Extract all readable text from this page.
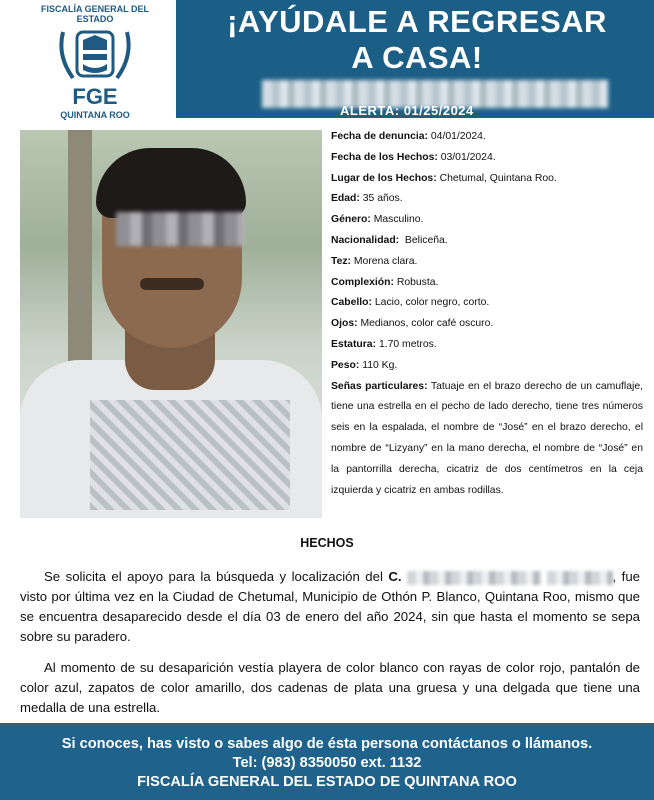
FISCALÍA GENERAL DEL ESTADO
FGE
QUINTANA ROO
¡AYÚDALE A REGRESAR
A CASA!
ALERTA: 01/25/2024
Fecha de denuncia: 04/01/2024.
Fecha de los Hechos: 03/01/2024.
Lugar de los Hechos: Chetumal, Quintana Roo.
Edad: 35 años.
Género: Masculino.
Nacionalidad: Beliceña.
Tez: Morena clara.
Complexión: Robusta.
Cabello: Lacio, color negro, corto.
Ojos: Medianos, color café oscuro.
Estatura: 1.70 metros.
Peso: 110 Kg.
Señas particulares: Tatuaje en el brazo derecho de un camuflaje, tiene una estrella en el pecho de lado derecho, tiene tres números seis en la espalada, el nombre de “José” en el brazo derecho, el nombre de “Lizyany” en la mano derecha, el nombre de “José” en la pantorrilla derecha, cicatriz de dos centímetros en la ceja izquierda y cicatriz en ambas rodillas.
HECHOS
Se solicita el apoyo para la búsqueda y localización del C.	, fue visto por última vez en la Ciudad de Chetumal, Municipio de Othón P. Blanco, Quintana Roo, mismo que se encuentra desaparecido desde el día 03 de enero del año 2024, sin que hasta el momento se sepa sobre su paradero.
Al momento de su desaparición vestía playera de color blanco con rayas de color rojo, pantalón de color azul, zapatos de color amarillo, dos cadenas de plata una gruesa y una delgada que tiene una medalla de una estrella.
Si conoces, has visto o sabes algo de ésta persona contáctanos o llámanos.
Tel: (983) 8350050 ext. 1132
FISCALÍA GENERAL DEL ESTADO DE QUINTANA ROO
